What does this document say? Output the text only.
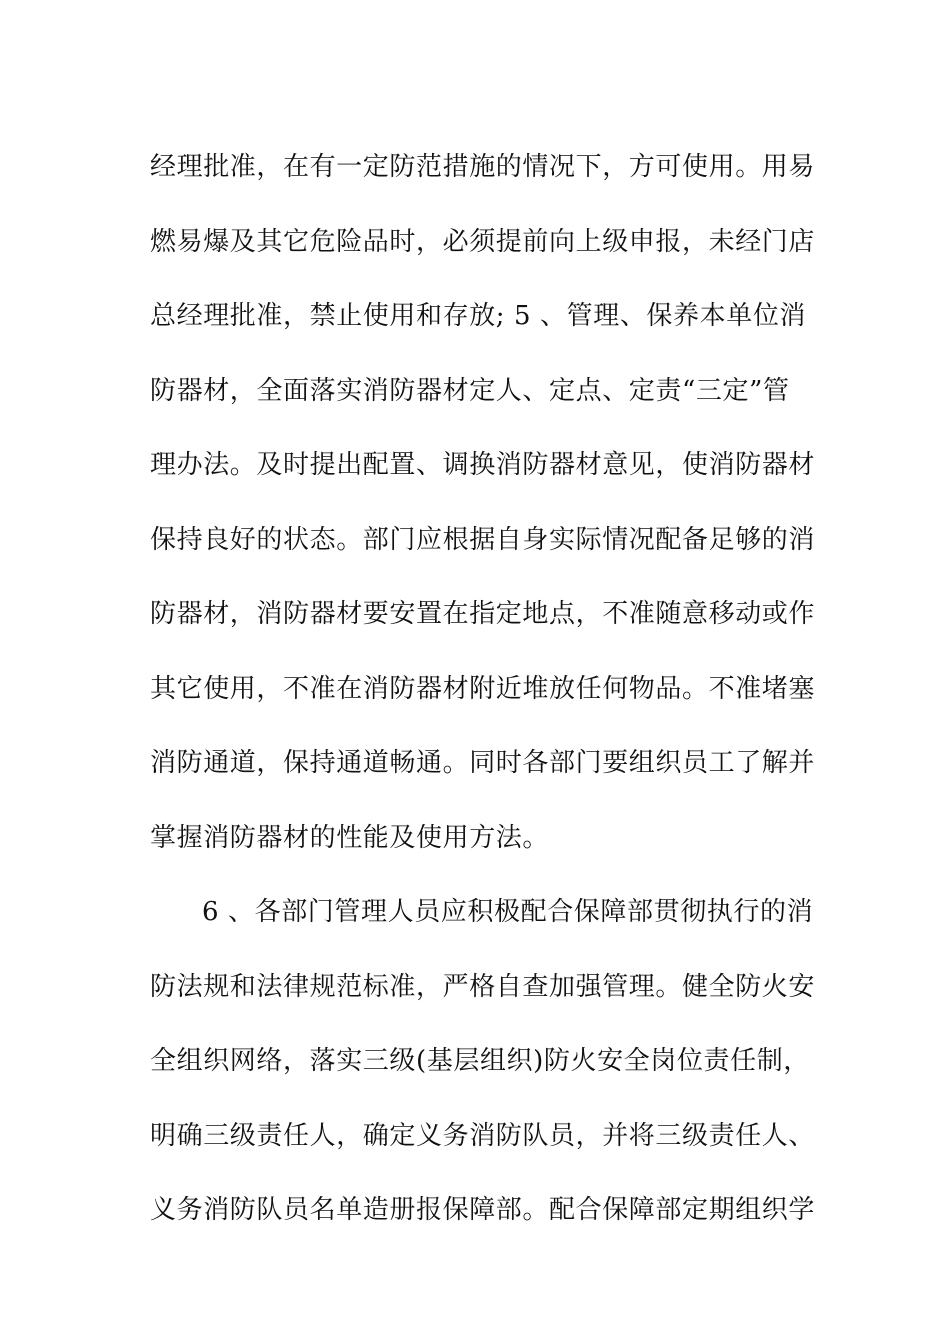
经理批准，在有一定防范措施的情况下，方可使用。用易
燃易爆及其它危险品时，必须提前向上级申报，未经门店
总经理批准，禁止使用和存放; 5 、管理、保养本单位消
防器材，全面落实消防器材定人、定点、定责“三定”管
理办法。及时提出配置、调换消防器材意见，使消防器材
保持良好的状态。部门应根据自身实际情况配备足够的消
防器材，消防器材要安置在指定地点，不准随意移动或作
其它使用，不准在消防器材附近堆放任何物品。不准堵塞
消防通道，保持通道畅通。同时各部门要组织员工了解并
掌握消防器材的性能及使用方法。
6 、各部门管理人员应积极配合保障部贯彻执行的消
防法规和法律规范标准，严格自查加强管理。健全防火安
全组织网络，落实三级(基层组织)防火安全岗位责任制，
明确三级责任人，确定义务消防队员，并将三级责任人、
义务消防队员名单造册报保障部。配合保障部定期组织学
